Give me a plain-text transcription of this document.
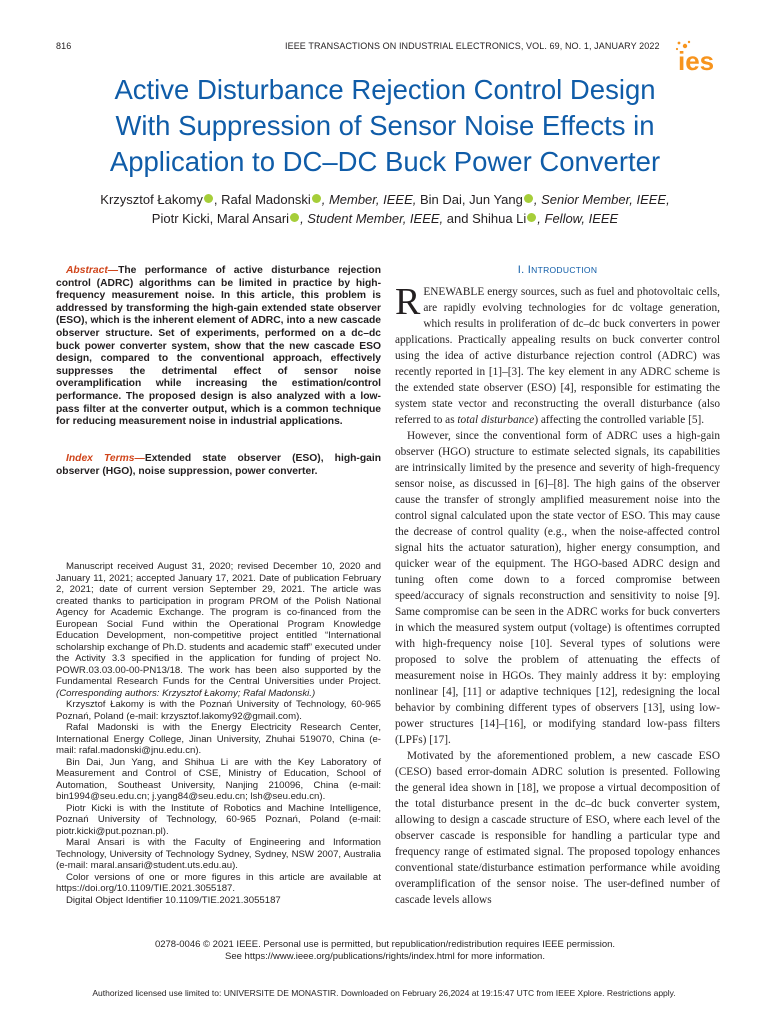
816	IEEE TRANSACTIONS ON INDUSTRIAL ELECTRONICS, VOL. 69, NO. 1, JANUARY 2022 ies
Active Disturbance Rejection Control Design
With Suppression of Sensor Noise Effects in
Application to DC–DC Buck Power Converter
Krzysztof Łakomy , Rafal Madonski , Member, IEEE, Bin Dai, Jun Yang , Senior Member, IEEE,
Piotr Kicki, Maral Ansari , Student Member, IEEE, and Shihua Li , Fellow, IEEE
Abstract—The performance of active disturbance rejection control (ADRC) algorithms can be limited in practice by high-frequency measurement noise. In this article, this problem is addressed by transforming the high-gain extended state observer (ESO), which is the inherent element of ADRC, into a new cascade observer structure. Set of experiments, performed on a dc–dc buck power converter system, show that the new cascade ESO design, compared to the conventional approach, effectively suppresses the detrimental effect of sensor noise overamplification while increasing the estimation/control performance. The proposed design is also analyzed with a low-pass filter at the converter output, which is a common technique for reducing measurement noise in industrial applications.
Index Terms—Extended state observer (ESO), high-gain observer (HGO), noise suppression, power converter.

Manuscript received August 31, 2020; revised December 10, 2020 and January 11, 2021; accepted January 17, 2021. Date of publication February 2, 2021; date of current version September 29, 2021. The article was created thanks to participation in program PROM of the Polish National Agency for Academic Exchange. The program is co-financed from the European Social Fund within the Operational Program Knowledge Education Development, non-competitive project entitled “International scholarship exchange of Ph.D. students and academic staff” executed under the Activity 3.3 specified in the application for funding of project No. POWR.03.03.00-00-PN13/18. The work has been also supported by the Fundamental Research Funds for the Central Universities under Project. (Corresponding authors: Krzysztof Łakomy; Rafal Madonski.)

Krzysztof Łakomy is with the Poznań University of Technology, 60-965 Poznań, Poland (e-mail: krzysztof.lakomy92@gmail.com).

Rafal Madonski is with the Energy Electricity Research Center, International Energy College, Jinan University, Zhuhai 519070, China (e-mail: rafal.madonski@jnu.edu.cn).

Bin Dai, Jun Yang, and Shihua Li are with the Key Laboratory of Measurement and Control of CSE, Ministry of Education, School of Automation, Southeast University, Nanjing 210096, China (e-mail: bin1994@seu.edu.cn; j.yang84@seu.edu.cn; lsh@seu.edu.cn).

Piotr Kicki is with the Institute of Robotics and Machine Intelligence, Poznań University of Technology, 60-965 Poznań, Poland (e-mail: piotr.kicki@put.poznan.pl).

Maral Ansari is with the Faculty of Engineering and Information Technology, University of Technology Sydney, Sydney, NSW 2007, Australia (e-mail: maral.ansari@student.uts.edu.au).

Color versions of one or more figures in this article are available at https://doi.org/10.1109/TIE.2021.3055187.

Digital Object Identifier 10.1109/TIE.2021.3055187

I. INTRODUCTION

RENEWABLE energy sources, such as fuel and photovoltaic cells, are rapidly evolving technologies for dc voltage generation, which results in proliferation of dc–dc buck converters in power applications. Practically appealing results on buck converter control using the idea of active disturbance rejection control (ADRC) was recently reported in [1]–[3]. The key element in any ADRC scheme is the extended state observer (ESO) [4], responsible for estimating the system state vector and reconstructing the overall disturbance (also referred to as total disturbance) affecting the controlled variable [5].

However, since the conventional form of ADRC uses a high-gain observer (HGO) structure to estimate selected signals, its capabilities are intrinsically limited by the presence and severity of high-frequency sensor noise, as discussed in [6]–[8]. The high gains of the observer cause the transfer of strongly amplified measurement noise into the control signal calculated upon the state vector of ESO. This may cause the decrease of control quality (e.g., when the noise-affected control signal hits the actuator saturation), higher energy consumption, and quicker wear of the equipment. The HGO-based ADRC design and tuning often come down to a forced compromise between speed/accuracy of signals reconstruction and sensitivity to noise [9]. Same compromise can be seen in the ADRC works for buck converters in which the measured system output (voltage) is oftentimes corrupted with high-frequency noise [10]. Several types of solutions were proposed to solve the problem of attenuating the effects of measurement noise in HGOs. They mainly address it by: employing nonlinear [4], [11] or adaptive techniques [12], redesigning the local behavior by combining different types of observers [13], using low-power structures [14]–[16], or modifying standard low-pass filters (LPFs) [17].

Motivated by the aforementioned problem, a new cascade ESO (CESO) based error-domain ADRC solution is presented. Following the general idea shown in [18], we propose a virtual decomposition of the total disturbance present in the dc–dc buck converter system, allowing to design a cascade structure of ESO, where each level of the observer cascade is responsible for handling a particular type and frequency range of estimated signal. The proposed topology enhances conventional state/disturbance estimation performance while avoiding overamplification of the sensor noise. The user-defined number of cascade levels allows

0278-0046 © 2021 IEEE. Personal use is permitted, but republication/redistribution requires IEEE permission.
See https://www.ieee.org/publications/rights/index.html for more information.
Authorized licensed use limited to: UNIVERSITE DE MONASTIR. Downloaded on February 26,2024 at 19:15:47 UTC from IEEE Xplore. Restrictions apply.
